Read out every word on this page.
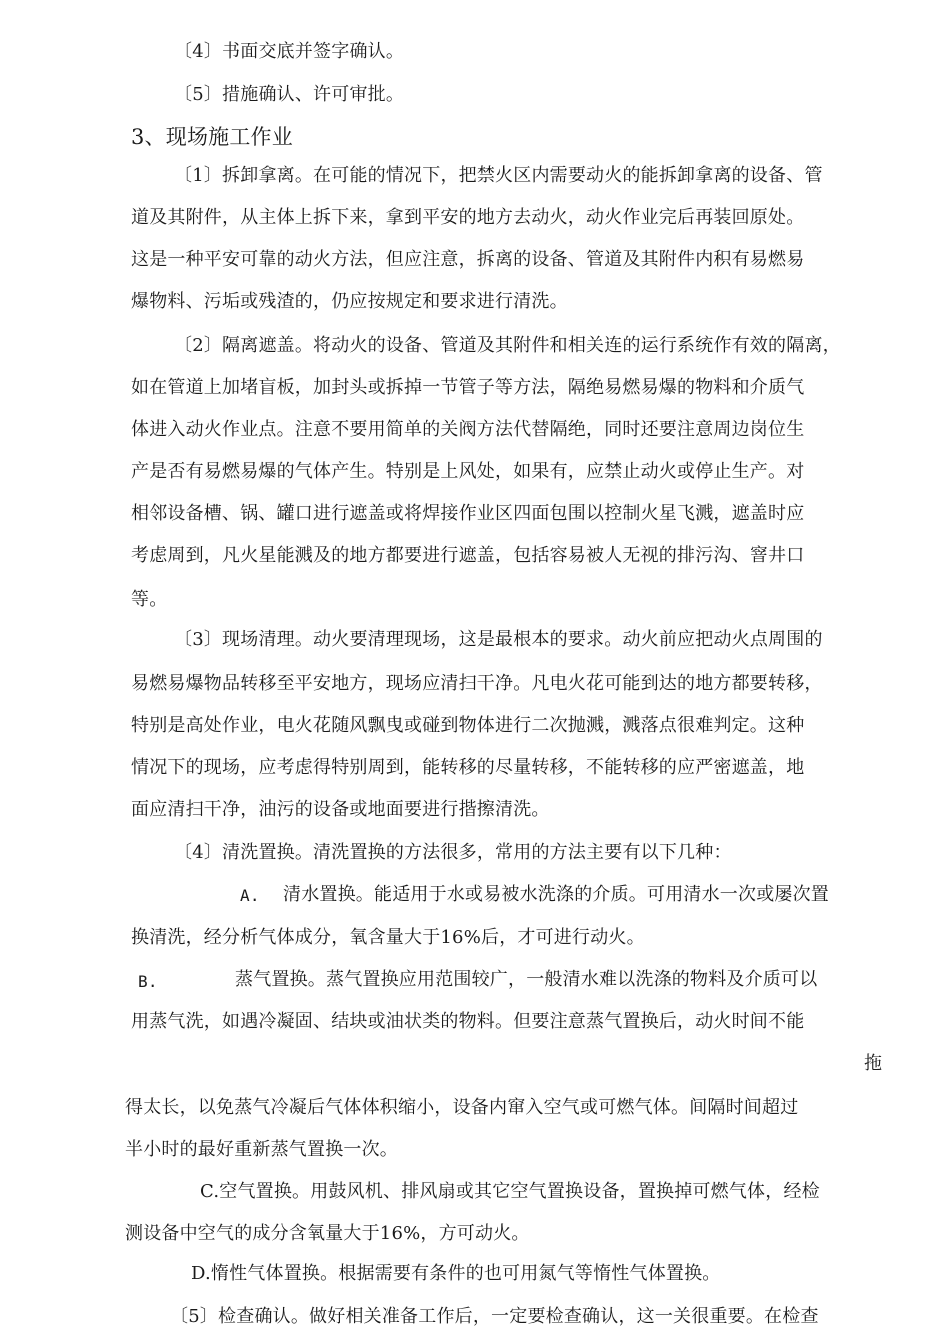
〔4〕书面交底并签字确认。
〔5〕措施确认、许可审批。
3、现场施工作业
〔1〕拆卸拿离。在可能的情况下，把禁火区内需要动火的能拆卸拿离的设备、管
道及其附件，从主体上拆下来，拿到平安的地方去动火，动火作业完后再装回原处。
这是一种平安可靠的动火方法，但应注意，拆离的设备、管道及其附件内积有易燃易
爆物料、污垢或残渣的，仍应按规定和要求进行清洗。
〔2〕隔离遮盖。将动火的设备、管道及其附件和相关连的运行系统作有效的隔离，
如在管道上加堵盲板，加封头或拆掉一节管子等方法，隔绝易燃易爆的物料和介质气
体进入动火作业点。注意不要用简单的关阀方法代替隔绝，同时还要注意周边岗位生
产是否有易燃易爆的气体产生。特别是上风处，如果有，应禁止动火或停止生产。对
相邻设备槽、锅、罐口进行遮盖或将焊接作业区四面包围以控制火星飞溅，遮盖时应
考虑周到，凡火星能溅及的地方都要进行遮盖，包括容易被人无视的排污沟、窨井口
等。
〔3〕现场清理。动火要清理现场，这是最根本的要求。动火前应把动火点周围的
易燃易爆物品转移至平安地方，现场应清扫干净。凡电火花可能到达的地方都要转移，
特别是高处作业，电火花随风飘曳或碰到物体进行二次抛溅，溅落点很难判定。这种
情况下的现场，应考虑得特别周到，能转移的尽量转移，不能转移的应严密遮盖，地
面应清扫干净，油污的设备或地面要进行揩擦清洗。
〔4〕清洗置换。清洗置换的方法很多，常用的方法主要有以下几种：
A. 清水置换。能适用于水或易被水洗涤的介质。可用清水一次或屡次置
换清洗，经分析气体成分，氧含量大于16%后，才可进行动火。
B.	蒸气置换。蒸气置换应用范围较广，一般清水难以洗涤的物料及介质可以
用蒸气洗，如遇冷凝固、结块或油状类的物料。但要注意蒸气置换后，动火时间不能
拖
得太长，以免蒸气冷凝后气体体积缩小，设备内窜入空气或可燃气体。间隔时间超过
半小时的最好重新蒸气置换一次。
C.空气置换。用鼓风机、排风扇或其它空气置换设备，置换掉可燃气体，经检
测设备中空气的成分含氧量大于16%，方可动火。
D.惰性气体置换。根据需要有条件的也可用氮气等惰性气体置换。
〔5〕检查确认。做好相关准备工作后，一定要检查确认，这一关很重要。在检查
